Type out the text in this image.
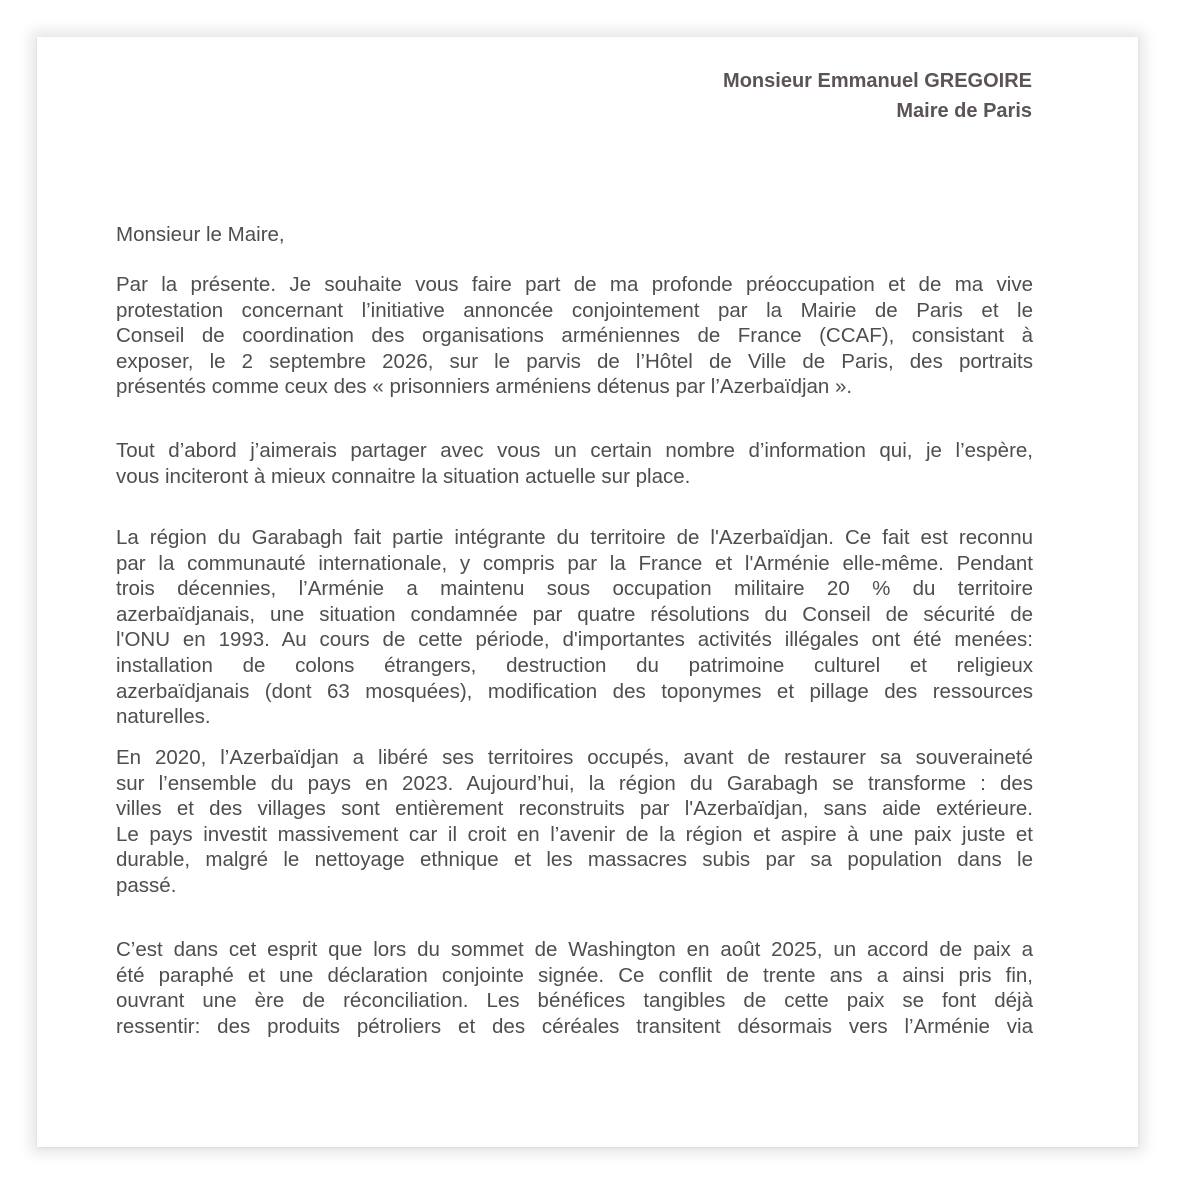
Monsieur Emmanuel GREGOIRE
Maire de Paris

Monsieur le Maire,

Par la présente. Je souhaite vous faire part de ma profonde préoccupation et de ma vive
protestation concernant l’initiative annoncée conjointement par la Mairie de Paris et le
Conseil de coordination des organisations arméniennes de France (CCAF), consistant à
exposer, le 2 septembre 2026, sur le parvis de l’Hôtel de Ville de Paris, des portraits
présentés comme ceux des « prisonniers arméniens détenus par l’Azerbaïdjan ».

Tout d’abord j’aimerais partager avec vous un certain nombre d’information qui, je l’espère,
vous inciteront à mieux connaitre la situation actuelle sur place.

La région du Garabagh fait partie intégrante du territoire de l'Azerbaïdjan. Ce fait est reconnu
par la communauté internationale, y compris par la France et l'Arménie elle-même. Pendant
trois décennies, l’Arménie a maintenu sous occupation militaire 20 % du territoire
azerbaïdjanais, une situation condamnée par quatre résolutions du Conseil de sécurité de
l'ONU en 1993. Au cours de cette période, d'importantes activités illégales ont été menées:
installation de colons étrangers, destruction du patrimoine culturel et religieux
azerbaïdjanais (dont 63 mosquées), modification des toponymes et pillage des ressources
naturelles.

En 2020, l’Azerbaïdjan a libéré ses territoires occupés, avant de restaurer sa souveraineté
sur l’ensemble du pays en 2023. Aujourd’hui, la région du Garabagh se transforme : des
villes et des villages sont entièrement reconstruits par l'Azerbaïdjan, sans aide extérieure.
Le pays investit massivement car il croit en l’avenir de la région et aspire à une paix juste et
durable, malgré le nettoyage ethnique et les massacres subis par sa population dans le
passé.

C’est dans cet esprit que lors du sommet de Washington en août 2025, un accord de paix a
été paraphé et une déclaration conjointe signée. Ce conflit de trente ans a ainsi pris fin,
ouvrant une ère de réconciliation. Les bénéfices tangibles de cette paix se font déjà
ressentir: des produits pétroliers et des céréales transitent désormais vers l’Arménie via
